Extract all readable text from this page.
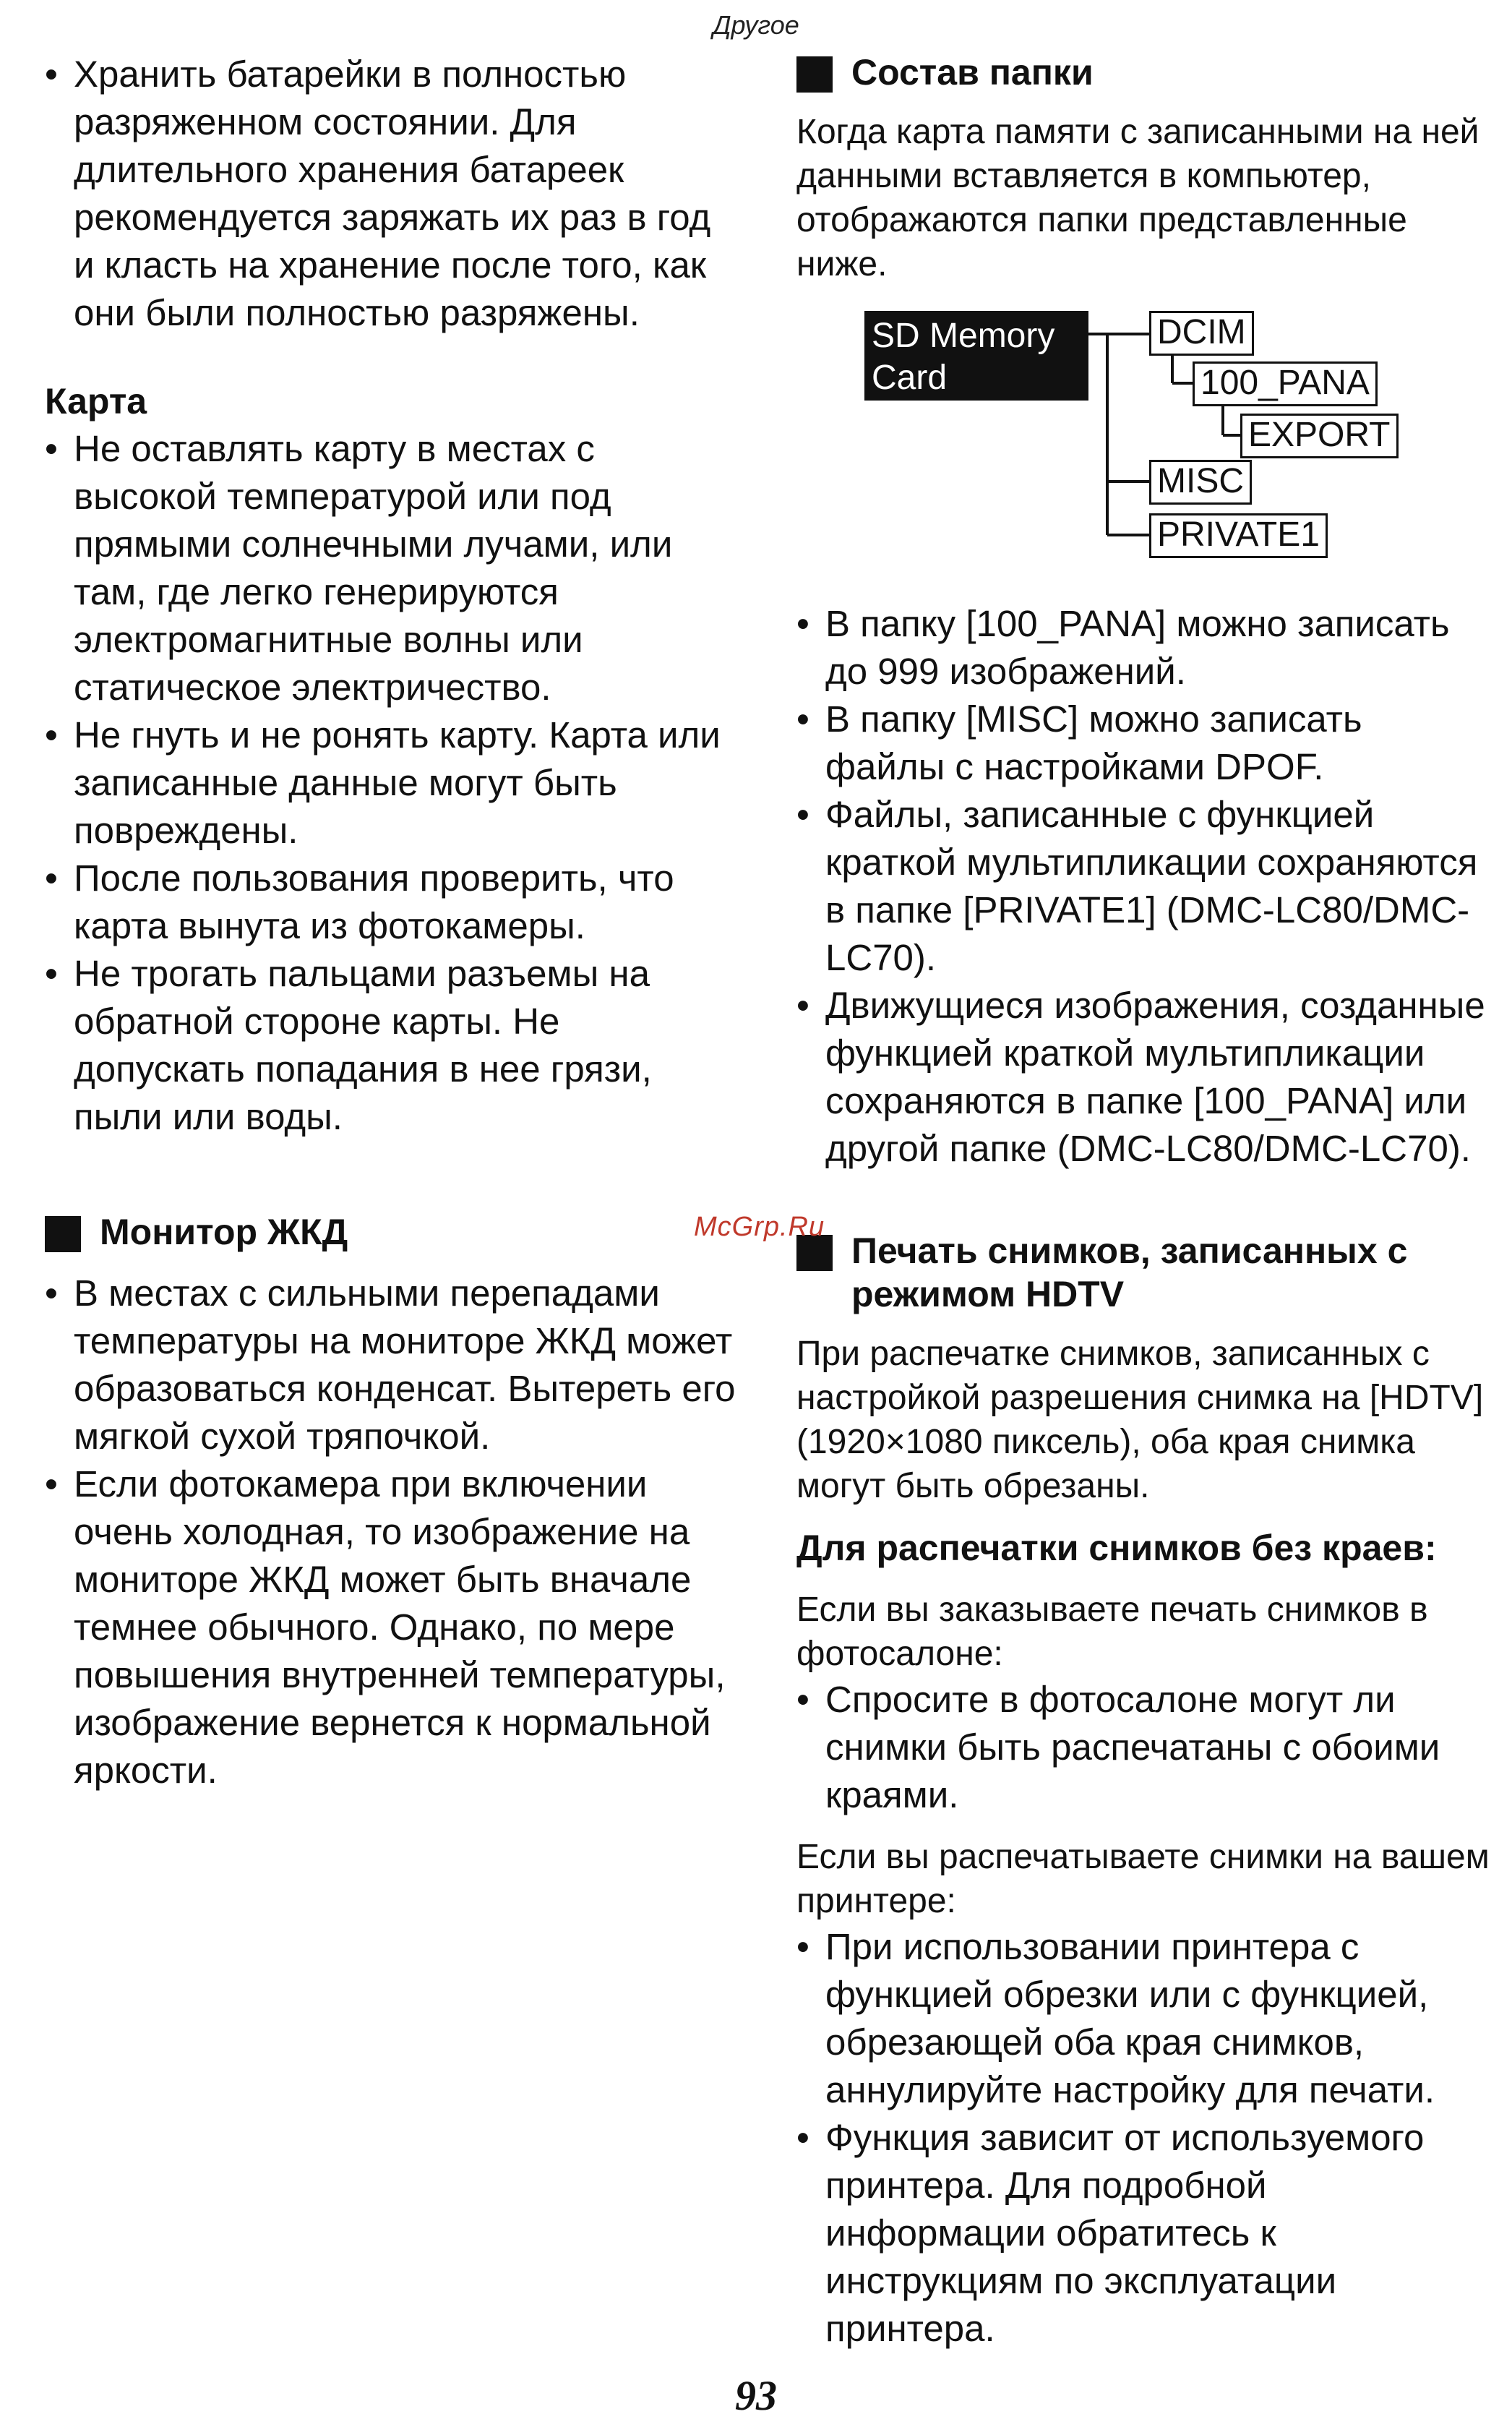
Другое
• Хранить батарейки в полностью разряженном состоянии. Для длительного хранения батареек рекомендуется заряжать их раз в год и класть на хранение после того, как они были полностью разряжены.

Карта

• Не оставлять карту в местах с высокой температурой или под прямыми солнечными лучами, или там, где легко генерируются электромагнитные волны или статическое электричество.
• Не гнуть и не ронять карту. Карта или записанные данные могут быть повреждены.
• После пользования проверить, что карта вынута из фотокамеры.
• Не трогать пальцами разъемы на обратной стороне карты. Не допускать попадания в нее грязи, пыли или воды.

Монитор ЖКД

• В местах с сильными перепадами температуры на мониторе ЖКД может образоваться конденсат. Вытереть его мягкой сухой тряпочкой.
• Если фотокамера при включении очень холодная, то изображение на мониторе ЖКД может быть вначале темнее обычного. Однако, по мере повышения внутренней температуры, изображение вернется к нормальной яркости.

Состав папки

Когда карта памяти с записанными на ней данными вставляется в компьютер, отображаются папки представленные ниже.

SD Memory Card
DCIM
100_PANA
EXPORT
MISC
PRIVATE1
• В папку [100_PANA] можно записать до 999 изображений.
• В папку [MISC] можно записать файлы с настройками DPOF.
• Файлы, записанные с функцией краткой мультипликации сохраняются в папке [PRIVATE1] (DMC-LC80/DMC-LC70).
• Движущиеся изображения, созданные функцией краткой мультипликации сохраняются в папке [100_PANA] или другой папке (DMC-LC80/DMC-LC70).

Печать снимков, записанных с режимом HDTV

При распечатке снимков, записанных с настройкой разрешения снимка на [HDTV] (1920×1080 пиксель), оба края снимка могут быть обрезаны.

Для распечатки снимков без краев:

Если вы заказываете печать снимков в фотосалоне:

• Спросите в фотосалоне могут ли снимки быть распечатаны с обоими краями.

Если вы распечатываете снимки на вашем принтере:

• При использовании принтера с функцией обрезки или с функцией, обрезающей оба края снимков, аннулируйте настройку для печати.
• Функция зависит от используемого принтера. Для подробной информации обратитесь к инструкциям по эксплуатации принтера.
McGrp.Ru
93
